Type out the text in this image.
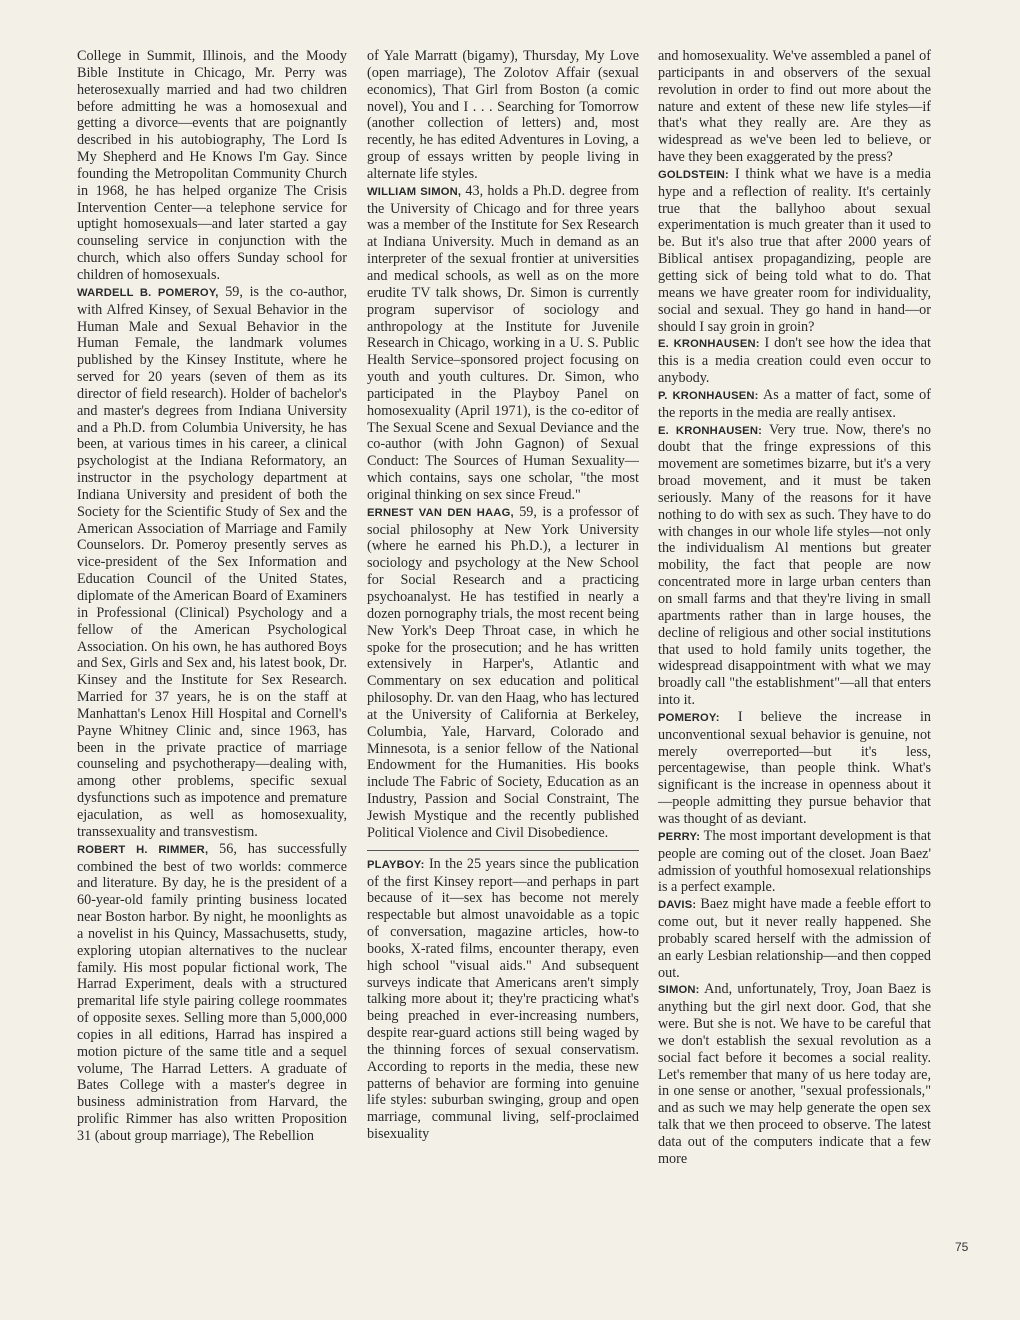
College in Summit, Illinois, and the Moody Bible Institute in Chicago, Mr. Perry was heterosexually married and had two children before admitting he was a homosexual and getting a divorce—events that are poignantly described in his autobiography, The Lord Is My Shepherd and He Knows I'm Gay. Since founding the Metropolitan Community Church in 1968, he has helped organize The Crisis Intervention Center—a telephone service for uptight homosexuals—and later started a gay counseling service in conjunction with the church, which also offers Sunday school for children of homosexuals.

WARDELL B. POMEROY, 59, is the co-author, with Alfred Kinsey, of Sexual Behavior in the Human Male and Sexual Behavior in the Human Female, the landmark volumes published by the Kinsey Institute, where he served for 20 years (seven of them as its director of field research). Holder of bachelor's and master's degrees from Indiana University and a Ph.D. from Columbia University, he has been, at various times in his career, a clinical psychologist at the Indiana Reformatory, an instructor in the psychology department at Indiana University and president of both the Society for the Scientific Study of Sex and the American Association of Marriage and Family Counselors. Dr. Pomeroy presently serves as vice-president of the Sex Information and Education Council of the United States, diplomate of the American Board of Examiners in Professional (Clinical) Psychology and a fellow of the American Psychological Association. On his own, he has authored Boys and Sex, Girls and Sex and, his latest book, Dr. Kinsey and the Institute for Sex Research. Married for 37 years, he is on the staff at Manhattan's Lenox Hill Hospital and Cornell's Payne Whitney Clinic and, since 1963, has been in the private practice of marriage counseling and psychotherapy—dealing with, among other problems, specific sexual dysfunctions such as impotence and premature ejaculation, as well as homosexuality, transsexuality and transvestism.

ROBERT H. RIMMER, 56, has successfully combined the best of two worlds: commerce and literature. By day, he is the president of a 60-year-old family printing business located near Boston harbor. By night, he moonlights as a novelist in his Quincy, Massachusetts, study, exploring utopian alternatives to the nuclear family. His most popular fictional work, The Harrad Experiment, deals with a structured premarital life style pairing college roommates of opposite sexes. Selling more than 5,000,000 copies in all editions, Harrad has inspired a motion picture of the same title and a sequel volume, The Harrad Letters. A graduate of Bates College with a master's degree in business administration from Harvard, the prolific Rimmer has also written Proposition 31 (about group marriage), The Rebellion

of Yale Marratt (bigamy), Thursday, My Love (open marriage), The Zolotov Affair (sexual economics), That Girl from Boston (a comic novel), You and I . . . Searching for Tomorrow (another collection of letters) and, most recently, he has edited Adventures in Loving, a group of essays written by people living in alternate life styles.

WILLIAM SIMON, 43, holds a Ph.D. degree from the University of Chicago and for three years was a member of the Institute for Sex Research at Indiana University. Much in demand as an interpreter of the sexual frontier at universities and medical schools, as well as on the more erudite TV talk shows, Dr. Simon is currently program supervisor of sociology and anthropology at the Institute for Juvenile Research in Chicago, working in a U. S. Public Health Service–sponsored project focusing on youth and youth cultures. Dr. Simon, who participated in the Playboy Panel on homosexuality (April 1971), is the co-editor of The Sexual Scene and Sexual Deviance and the co-author (with John Gagnon) of Sexual Conduct: The Sources of Human Sexuality—which contains, says one scholar, "the most original thinking on sex since Freud."

ERNEST VAN DEN HAAG, 59, is a professor of social philosophy at New York University (where he earned his Ph.D.), a lecturer in sociology and psychology at the New School for Social Research and a practicing psychoanalyst. He has testified in nearly a dozen pornography trials, the most recent being New York's Deep Throat case, in which he spoke for the prosecution; and he has written extensively in Harper's, Atlantic and Commentary on sex education and political philosophy. Dr. van den Haag, who has lectured at the University of California at Berkeley, Columbia, Yale, Harvard, Colorado and Minnesota, is a senior fellow of the National Endowment for the Humanities. His books include The Fabric of Society, Education as an Industry, Passion and Social Constraint, The Jewish Mystique and the recently published Political Violence and Civil Disobedience.

PLAYBOY: In the 25 years since the publication of the first Kinsey report—and perhaps in part because of it—sex has become not merely respectable but almost unavoidable as a topic of conversation, magazine articles, how-to books, X-rated films, encounter therapy, even high school "visual aids." And subsequent surveys indicate that Americans aren't simply talking more about it; they're practicing what's being preached in ever-increasing numbers, despite rear-guard actions still being waged by the thinning forces of sexual conservatism. According to reports in the media, these new patterns of behavior are forming into genuine life styles: suburban swinging, group and open marriage, communal living, self-proclaimed bisexuality

and homosexuality. We've assembled a panel of participants in and observers of the sexual revolution in order to find out more about the nature and extent of these new life styles—if that's what they really are. Are they as widespread as we've been led to believe, or have they been exaggerated by the press?

GOLDSTEIN: I think what we have is a media hype and a reflection of reality. It's certainly true that the ballyhoo about sexual experimentation is much greater than it used to be. But it's also true that after 2000 years of Biblical antisex propagandizing, people are getting sick of being told what to do. That means we have greater room for individuality, social and sexual. They go hand in hand—or should I say groin in groin?

E. KRONHAUSEN: I don't see how the idea that this is a media creation could even occur to anybody.

P. KRONHAUSEN: As a matter of fact, some of the reports in the media are really antisex.

E. KRONHAUSEN: Very true. Now, there's no doubt that the fringe expressions of this movement are sometimes bizarre, but it's a very broad movement, and it must be taken seriously. Many of the reasons for it have nothing to do with sex as such. They have to do with changes in our whole life styles—not only the individualism Al mentions but greater mobility, the fact that people are now concentrated more in large urban centers than on small farms and that they're living in small apartments rather than in large houses, the decline of religious and other social institutions that used to hold family units together, the widespread disappointment with what we may broadly call "the establishment"—all that enters into it.

POMEROY: I believe the increase in unconventional sexual behavior is genuine, not merely overreported—but it's less, percentagewise, than people think. What's significant is the increase in openness about it—people admitting they pursue behavior that was thought of as deviant.

PERRY: The most important development is that people are coming out of the closet. Joan Baez' admission of youthful homosexual relationships is a perfect example.

DAVIS: Baez might have made a feeble effort to come out, but it never really happened. She probably scared herself with the admission of an early Lesbian relationship—and then copped out.

SIMON: And, unfortunately, Troy, Joan Baez is anything but the girl next door. God, that she were. But she is not. We have to be careful that we don't establish the sexual revolution as a social fact before it becomes a social reality. Let's remember that many of us here today are, in one sense or another, "sexual professionals," and as such we may help generate the open sex talk that we then proceed to observe. The latest data out of the computers indicate that a few more

75
